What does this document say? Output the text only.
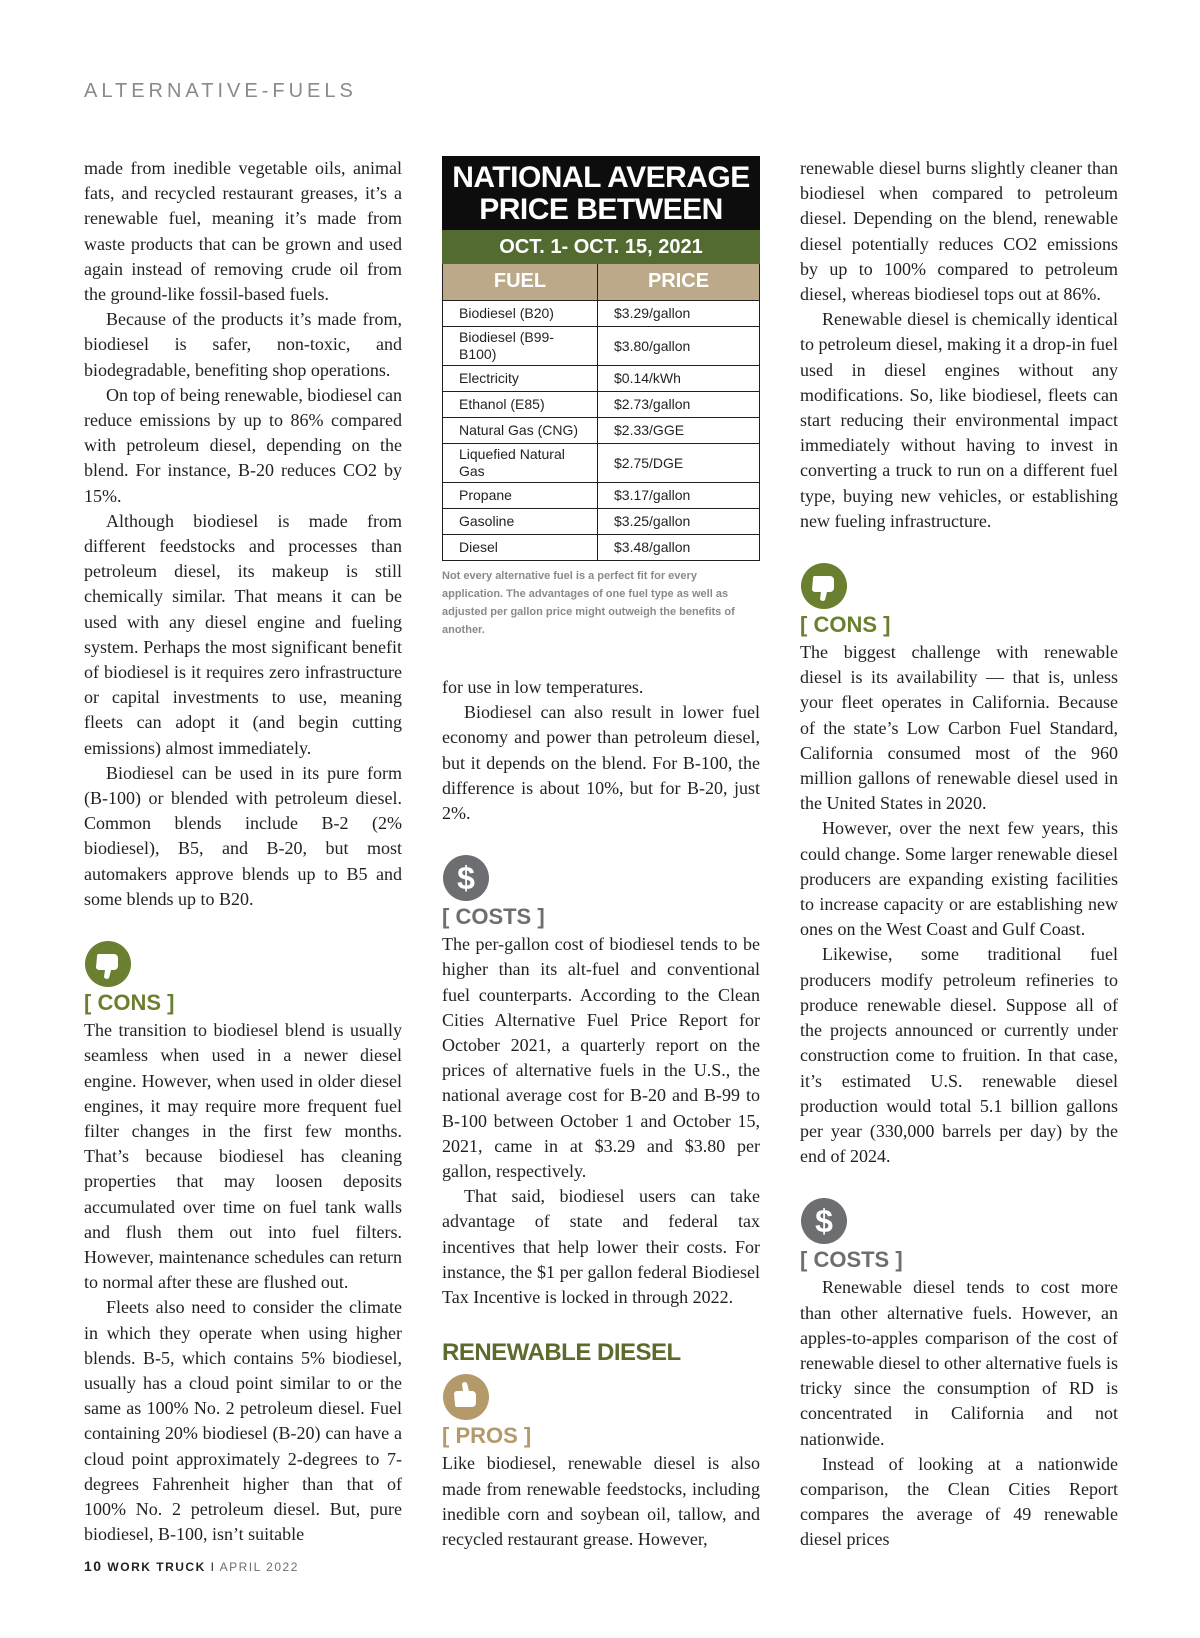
ALTERNATIVE-FUELS

made from inedible vegetable oils, animal fats, and recycled restaurant greases, it’s a renewable fuel, meaning it’s made from waste products that can be grown and used again instead of removing crude oil from the ground-like fossil-based fuels.

Because of the products it’s made from, biodiesel is safer, non-toxic, and biodegradable, benefiting shop operations.

On top of being renewable, biodiesel can reduce emissions by up to 86% compared with petroleum diesel, depending on the blend. For instance, B-20 reduces CO2 by 15%.

Although biodiesel is made from different feedstocks and processes than petroleum diesel, its makeup is still chemically similar. That means it can be used with any diesel engine and fueling system. Perhaps the most significant benefit of biodiesel is it requires zero infrastructure or capital investments to use, meaning fleets can adopt it (and begin cutting emissions) almost immediately.

Biodiesel can be used in its pure form (B-100) or blended with petroleum diesel. Common blends include B-2 (2% biodiesel), B5, and B-20, but most automakers approve blends up to B5 and some blends up to B20.

[ CONS ]

The transition to biodiesel blend is usually seamless when used in a newer diesel engine. However, when used in older diesel engines, it may require more frequent fuel filter changes in the first few months. That’s because biodiesel has cleaning properties that may loosen deposits accumulated over time on fuel tank walls and flush them out into fuel filters. However, maintenance schedules can return to normal after these are flushed out.

Fleets also need to consider the climate in which they operate when using higher blends. B-5, which contains 5% biodiesel, usually has a cloud point similar to or the same as 100% No. 2 petroleum diesel. Fuel containing 20% biodiesel (B-20) can have a cloud point approximately 2-degrees to 7-degrees Fahrenheit higher than that of 100% No. 2 petroleum diesel. But, pure biodiesel, B-100, isn’t suitable

NATIONAL AVERAGE
PRICE BETWEEN
OCT. 1- OCT. 15, 2021
FUEL	PRICE
Biodiesel (B20)	$3.29/gallon
Biodiesel (B99-B100)	$3.80/gallon
Electricity	$0.14/kWh
Ethanol (E85)	$2.73/gallon
Natural Gas (CNG)	$2.33/GGE
Liquefied Natural Gas	$2.75/DGE
Propane	$3.17/gallon
Gasoline	$3.25/gallon
Diesel	$3.48/gallon
Not every alternative fuel is a perfect fit for every application. The advantages of one fuel type as well as adjusted per gallon price might outweigh the benefits of another.

for use in low temperatures.

Biodiesel can also result in lower fuel economy and power than petroleum diesel, but it depends on the blend. For B-100, the difference is about 10%, but for B-20, just 2%.

$
[ COSTS ]

The per-gallon cost of biodiesel tends to be higher than its alt-fuel and conventional fuel counterparts. According to the Clean Cities Alternative Fuel Price Report for October 2021, a quarterly report on the prices of alternative fuels in the U.S., the national average cost for B-20 and B-99 to B-100 between October 1 and October 15, 2021, came in at $3.29 and $3.80 per gallon, respectively.

That said, biodiesel users can take advantage of state and federal tax incentives that help lower their costs. For instance, the $1 per gallon federal Biodiesel Tax Incentive is locked in through 2022.

RENEWABLE DIESEL
[ PROS ]

Like biodiesel, renewable diesel is also made from renewable feedstocks, including inedible corn and soybean oil, tallow, and recycled restaurant grease. However,

renewable diesel burns slightly cleaner than biodiesel when compared to petroleum diesel. Depending on the blend, renewable diesel potentially reduces CO2 emissions by up to 100% compared to petroleum diesel, whereas biodiesel tops out at 86%.

Renewable diesel is chemically identical to petroleum diesel, making it a drop-in fuel used in diesel engines without any modifications. So, like biodiesel, fleets can start reducing their environmental impact immediately without having to invest in converting a truck to run on a different fuel type, buying new vehicles, or establishing new fueling infrastructure.

[ CONS ]

The biggest challenge with renewable diesel is its availability — that is, unless your fleet operates in California. Because of the state’s Low Carbon Fuel Standard, California consumed most of the 960 million gallons of renewable diesel used in the United States in 2020.

However, over the next few years, this could change. Some larger renewable diesel producers are expanding existing facilities to increase capacity or are establishing new ones on the West Coast and Gulf Coast.

Likewise, some traditional fuel producers modify petroleum refineries to produce renewable diesel. Suppose all of the projects announced or currently under construction come to fruition. In that case, it’s estimated U.S. renewable diesel production would total 5.1 billion gallons per year (330,000 barrels per day) by the end of 2024.

$
[ COSTS ]

Renewable diesel tends to cost more than other alternative fuels. However, an apples-to-apples comparison of the cost of renewable diesel to other alternative fuels is tricky since the consumption of RD is concentrated in California and not nationwide.

Instead of looking at a nationwide comparison, the Clean Cities Report compares the average of 49 renewable diesel prices

10 WORK TRUCK I APRIL 2022
